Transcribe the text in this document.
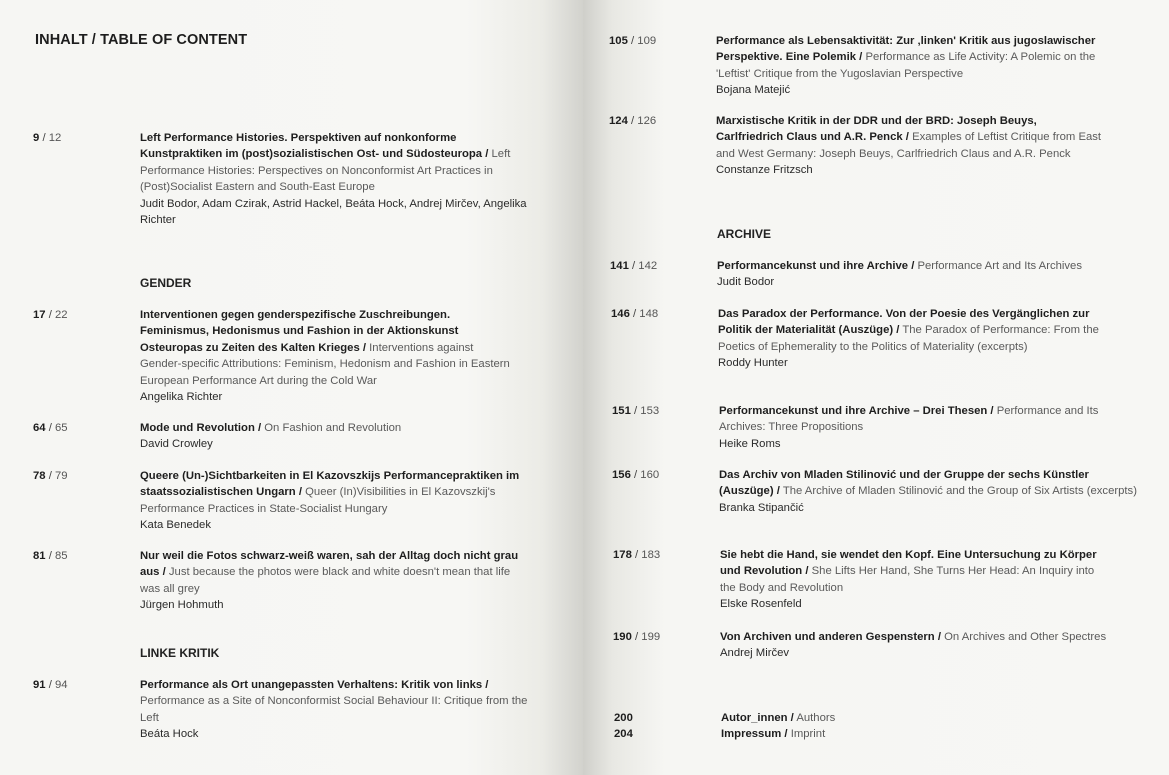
INHALT / TABLE OF CONTENT
9 / 12	Left Performance Histories. Perspektiven auf nonkonforme Kunstpraktiken im (post)sozialistischen Ost- und Südosteuropa / Left Performance Histories: Perspectives on Nonconformist Art Practices in (Post)Socialist Eastern and South-East Europe
Judit Bodor, Adam Czirak, Astrid Hackel, Beáta Hock, Andrej Mirčev, Angelika Richter
GENDER
17 / 22	Interventionen gegen genderspezifische Zuschreibungen. Feminismus, Hedonismus und Fashion in der Aktionskunst Osteuropas zu Zeiten des Kalten Krieges / Interventions against Gender-specific Attributions: Feminism, Hedonism and Fashion in Eastern European Performance Art during the Cold War
Angelika Richter
64 / 65	Mode und Revolution / On Fashion and Revolution
David Crowley
78 / 79	Queere (Un-)Sichtbarkeiten in El Kazovszkijs Performancepraktiken im staatssozialistischen Ungarn / Queer (In)Visibilities in El Kazovszkij's Performance Practices in State-Socialist Hungary
Kata Benedek
81 / 85	Nur weil die Fotos schwarz-weiß waren, sah der Alltag doch nicht grau aus / Just because the photos were black and white doesn't mean that life was all grey
Jürgen Hohmuth
LINKE KRITIK
91 / 94	Performance als Ort unangepassten Verhaltens: Kritik von links / Performance as a Site of Nonconformist Social Behaviour II: Critique from the Left
Beáta Hock
105 / 109	Performance als Lebensaktivität: Zur ‚linken' Kritik aus jugoslawischer Perspektive. Eine Polemik / Performance as Life Activity: A Polemic on the 'Leftist' Critique from the Yugoslavian Perspective
Bojana Matejić
124 / 126	Marxistische Kritik in der DDR und der BRD: Joseph Beuys, Carlfriedrich Claus und A.R. Penck / Examples of Leftist Critique from East and West Germany: Joseph Beuys, Carlfriedrich Claus and A.R. Penck
Constanze Fritzsch
ARCHIVE
141 / 142	Performancekunst und ihre Archive / Performance Art and Its Archives
Judit Bodor
146 / 148	Das Paradox der Performance. Von der Poesie des Vergänglichen zur Politik der Materialität (Auszüge) / The Paradox of Performance: From the Poetics of Ephemerality to the Politics of Materiality (excerpts)
Roddy Hunter
151 / 153	Performancekunst und ihre Archive – Drei Thesen / Performance and Its Archives: Three Propositions
Heike Roms
156 / 160	Das Archiv von Mladen Stilinović und der Gruppe der sechs Künstler (Auszüge) / The Archive of Mladen Stilinović and the Group of Six Artists (excerpts)
Branka Stipančić
178 / 183	Sie hebt die Hand, sie wendet den Kopf. Eine Untersuchung zu Körper und Revolution / She Lifts Her Hand, She Turns Her Head: An Inquiry into the Body and Revolution
Elske Rosenfeld
190 / 199	Von Archiven und anderen Gespenstern / On Archives and Other Spectres
Andrej Mirčev
200	Autor_innen / Authors
204	Impressum / Imprint
